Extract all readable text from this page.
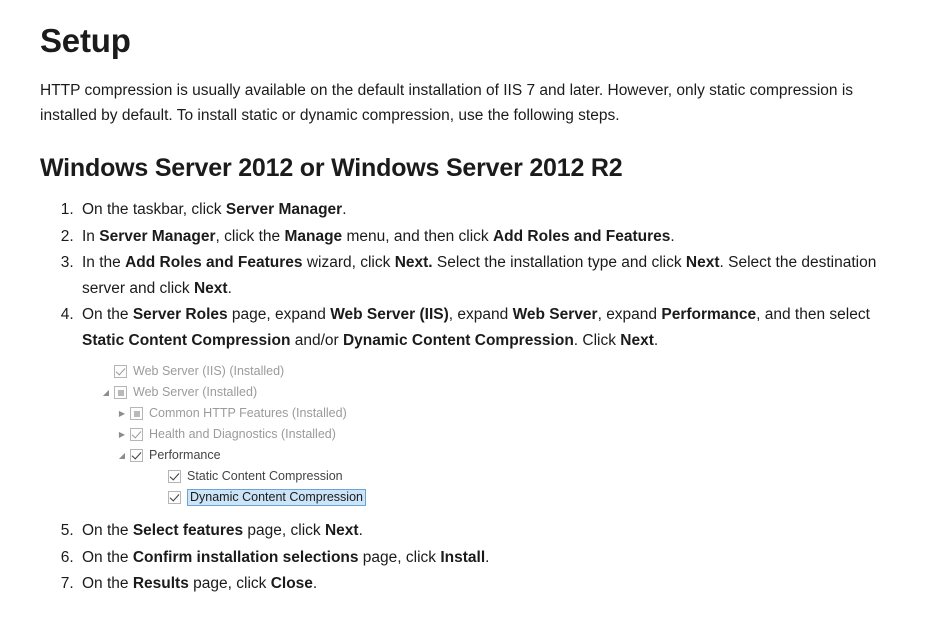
Setup

HTTP compression is usually available on the default installation of IIS 7 and later. However, only static compression is installed by default. To install static or dynamic compression, use the following steps.

Windows Server 2012 or Windows Server 2012 R2
1. On the taskbar, click Server Manager.
2. In Server Manager, click the Manage menu, and then click Add Roles and Features.
3. In the Add Roles and Features wizard, click Next. Select the installation type and click Next. Select the destination server and click Next.
4. On the Server Roles page, expand Web Server (IIS), expand Web Server, expand Performance, and then select Static Content Compression and/or Dynamic Content Compression. Click Next.
Web Server (IIS) (Installed)
◢	Web Server (Installed)
▶	Common HTTP Features (Installed)
▶	Health and Diagnostics (Installed)
◢	Performance
Static Content Compression
Dynamic Content Compression
5. On the Select features page, click Next.
6. On the Confirm installation selections page, click Install.
7. On the Results page, click Close.
